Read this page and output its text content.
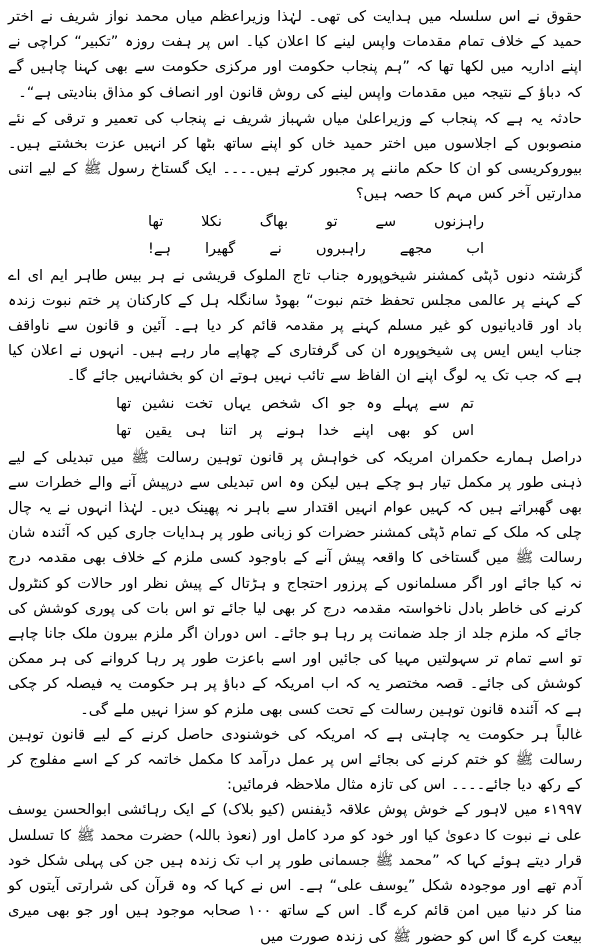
حقوق نے اس سلسلہ میں ہدایت کی تھی۔ لہٰذا وزیراعظم میاں محمد نواز شریف نے اختر حمید کے خلاف تمام مقدمات واپس لینے کا اعلان کیا۔ اس پر ہفت روزہ ”تکبیر“ کراچی نے اپنے اداریہ میں لکھا تھا کہ ”ہم پنجاب حکومت اور مرکزی حکومت سے بھی کہنا چاہیں گے کہ دباؤ کے نتیجہ میں مقدمات واپس لینے کی روش قانون اور انصاف کو مذاق بنادیتی ہے“۔

حادثہ یہ ہے کہ پنجاب کے وزیراعلیٰ میاں شہباز شریف نے پنجاب کی تعمیر و ترقی کے نئے منصوبوں کے اجلاسوں میں اختر حمید خاں کو اپنے ساتھ بٹھا کر انہیں عزت بخشتے ہیں۔ بیوروکریسی کو ان کا حکم ماننے پر مجبور کرتے ہیں۔۔۔۔ ایک گستاخ رسول ﷺ کے لیے اتنی مدارتیں آخر کس مہم کا حصہ ہیں؟

راہزنوں
سے
تو
بھاگ
نکلا
تھا
اب
مجھے
راہبروں
نے
گھیرا
ہے!

گزشتہ دنوں ڈپٹی کمشنر شیخوپورہ جناب تاج الملوک قریشی نے ہر بیس طاہر ایم ای اے کے کہنے پر عالمی مجلس تحفظ ختم نبوت“ بھوڈ سانگلہ ہل کے کارکنان پر ختم نبوت زندہ باد اور قادیانیوں کو غیر مسلم کہنے پر مقدمہ قائم کر دیا ہے۔ آئین و قانون سے ناواقف جناب ایس ایس پی شیخوپورہ ان کی گرفتاری کے چھاپے مار رہے ہیں۔ انہوں نے اعلان کیا ہے کہ جب تک یہ لوگ اپنے ان الفاظ سے تائب نہیں ہوتے ان کو بخشانہیں جائے گا۔

تم
سے
پہلے
وہ
جو
اک
شخص
یہاں
تخت
نشین
تھا
اس
کو
بھی
اپنے
خدا
ہونے
پر
اتنا
ہی
یقین
تھا

دراصل ہمارے حکمران امریکہ کی خواہش پر قانون توہین رسالت ﷺ میں تبدیلی کے لیے ذہنی طور پر مکمل تیار ہو چکے ہیں لیکن وہ اس تبدیلی سے درپیش آنے والے خطرات سے بھی گھبراتے ہیں کہ کہیں عوام انہیں اقتدار سے باہر نہ پھینک دیں۔ لہٰذا انہوں نے یہ چال چلی کہ ملک کے تمام ڈپٹی کمشنر حضرات کو زبانی طور پر ہدایات جاری کیں کہ آئندہ شان رسالت ﷺ میں گستاخی کا واقعہ پیش آنے کے باوجود کسی ملزم کے خلاف بھی مقدمہ درج نہ کیا جائے اور اگر مسلمانوں کے پرزور احتجاج و ہڑتال کے پیش نظر اور حالات کو کنٹرول کرنے کی خاطر بادل ناخواستہ مقدمہ درج کر بھی لیا جائے تو اس بات کی پوری کوشش کی جائے کہ ملزم جلد از جلد ضمانت پر رہا ہو جائے۔ اس دوران اگر ملزم بیرون ملک جانا چاہے تو اسے تمام تر سہولتیں مہیا کی جائیں اور اسے باعزت طور پر رہا کروانے کی ہر ممکن کوشش کی جائے۔ قصہ مختصر یہ کہ اب امریکہ کے دباؤ پر ہر حکومت یہ فیصلہ کر چکی ہے کہ آئندہ قانون توہین رسالت کے تحت کسی بھی ملزم کو سزا نہیں ملے گی۔

غالباً ہر حکومت یہ چاہتی ہے کہ امریکہ کی خوشنودی حاصل کرنے کے لیے قانون توہین رسالت ﷺ کو ختم کرنے کی بجائے اس پر عمل درآمد کا مکمل خاتمہ کر کے اسے مفلوج کر کے رکھ دیا جائے۔۔۔۔ اس کی تازہ مثال ملاحظہ فرمائیں:

۱۹۹۷ء میں لاہور کے خوش پوش علاقہ ڈیفنس (کیو بلاک) کے ایک رہائشی ابوالحسن یوسف علی نے نبوت کا دعویٰ کیا اور خود کو مرد کامل اور (نعوذ باللہ) حضرت محمد ﷺ کا تسلسل قرار دیتے ہوئے کہا کہ ”محمد ﷺ جسمانی طور پر اب تک زندہ ہیں جن کی پہلی شکل خود آدم تھے اور موجودہ شکل ”یوسف علی“ ہے۔ اس نے کہا کہ وہ قرآن کی شرارتی آیتوں کو منا کر دنیا میں امن قائم کرے گا۔ اس کے ساتھ ۱۰۰ صحابہ موجود ہیں اور جو بھی میری بیعت کرے گا اس کو حضور ﷺ کی زندہ صورت میں
